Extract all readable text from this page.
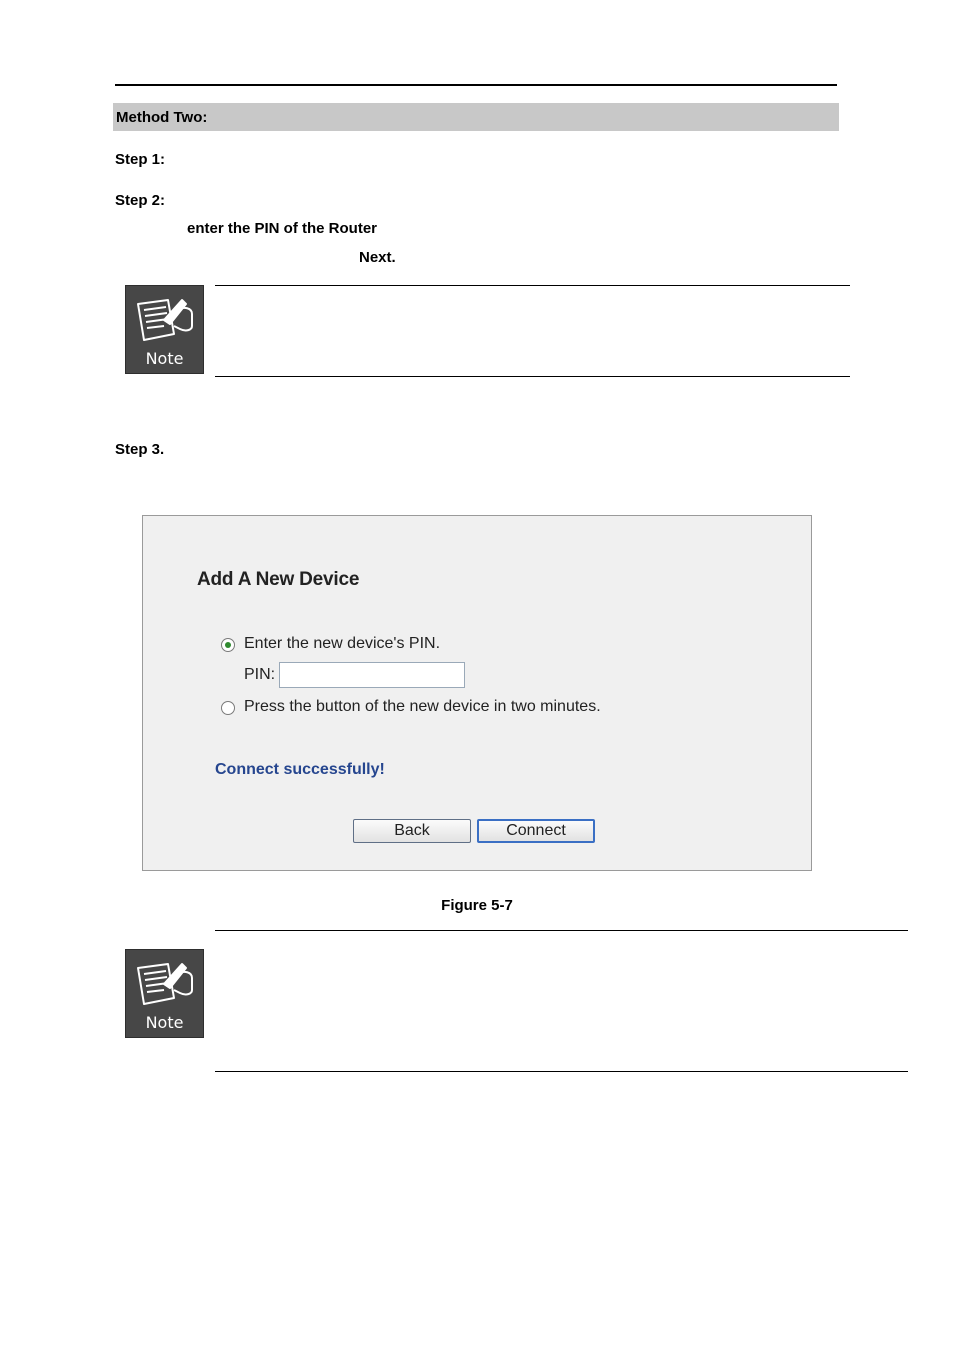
Method Two:
Step 1:
Step 2:
enter the PIN of the Router
Next.
Note
Step 3.
Add A New Device
Enter the new device's PIN.
PIN:
Press the button of the new device in two minutes.
Connect successfully!
Back	Connect
Figure 5-7
Note
